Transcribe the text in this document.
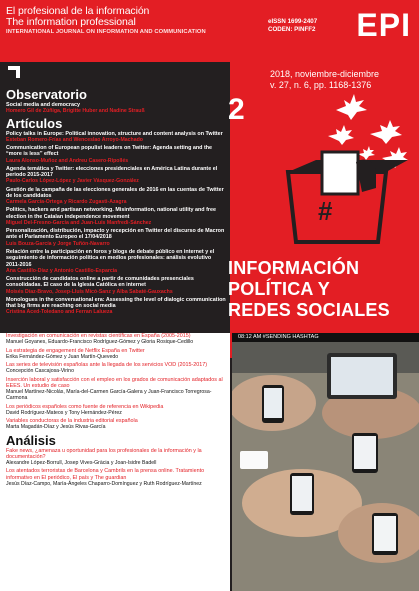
El profesional de la información
The information professional
INTERNATIONAL JOURNAL ON INFORMATION AND COMMUNICATION
eISSN 1699-2407
CODEN: PINFF2 EPI
Observatorio
Social media and democracy
Homero Gil de Zúñiga, Brigitte Huber and Nadine Strauß
Artículos
Policy talks in Europe: Political innovation, structure and content analysis on Twitter
Esteban Romero-Frías and Wenceslao Arroyo-Machado
Communication of European populist leaders on Twitter: Agenda setting and the “more is less” effect
Laura Alonso-Muñoz and Andreu Casero-Ripollés
Agenda temática y Twitter: elecciones presidenciales en América Latina durante el periodo 2015-2017
Paulo-Carlos López-López y Javier Vásquez-González
Gestión de la campaña de las elecciones generales de 2016 en las cuentas de Twitter de los candidatos
Carmela García-Ortega y Ricardo Zugasti-Azagra
Politics, hackers and partisan networking. Misinformation, national utility and free election in the Catalan independence movement
Miguel Del-Fresno-García and Juan-Luis Manfredi-Sánchez
Personalización, distribución, impacto y recepción en Twitter del discurso de Macron ante el Parlamento Europeo el 17/04/2018
Luis Bouza-García y Jorge Tuñón-Navarro
Relación entre la participación en foros y blogs de debate público en internet y el seguimiento de información política en medios profesionales: análisis evolutivo 2011-2016
Ana Castillo-Díaz y Antonio Castillo-Esparcia
Construcción de candidatos online a partir de comunidades presenciales consolidadas. El caso de la Iglesia Católica en internet
Moisés Díaz-Bravo, Josep-Lluís Micó-Sanz y Alba Sabaté-Gauxachs
Monologues in the conversational era: Assessing the level of dialogic communication that big firms are reaching on social media
Cristina Aced-Toledano and Ferran Lalueza
2018, noviembre-diciembre
v. 27, n. 6, pp. 1168-1376
2
#
INFORMACIÓN
POLÍTICA Y
REDES SOCIALES
Investigación en comunicación en revistas científicas en España (2005-2015)
Manuel Goyanes, Eduardo-Francisco Rodríguez-Gómez y Gloria Rosique-Cedillo
La estrategia de engagement de Netflix España en Twitter
Erika Fernández-Gómez y Juan Martín-Quevedo
Las series de televisión españolas ante la llegada de los servicios VOD (2015-2017)
Concepción Cascajosa-Virino
Inserción laboral y satisfacción con el empleo en los grados de comunicación adaptados al EEES. Un estudio de caso
Manuel Martínez-Nicolás, María-del-Carmen García-Galera y Juan-Francisco Torregrosa-Carmona
Los periódicos españoles como fuente de referencia en Wikipedia
David Rodríguez-Mateos y Tony Hernández-Pérez
Variables conductoras de la industria editorial española
Marta Magadán-Díaz y Jesús Rivas-García
Análisis
Fake news, ¿amenaza u oportunidad para los profesionales de la información y la documentación?
Alexandre López-Borrull, Josep Vives-Gràcia y Joan-Isidre Badell
Los atentados terroristas de Barcelona y Cambrils en la prensa online. Tratamiento informativo en El periódico, El país y The guardian
Jesús Díaz-Campo, María-Ángeles Chaparro-Domínguez y Ruth Rodríguez-Martínez
08:12 AM #SENDING HASHTAG
